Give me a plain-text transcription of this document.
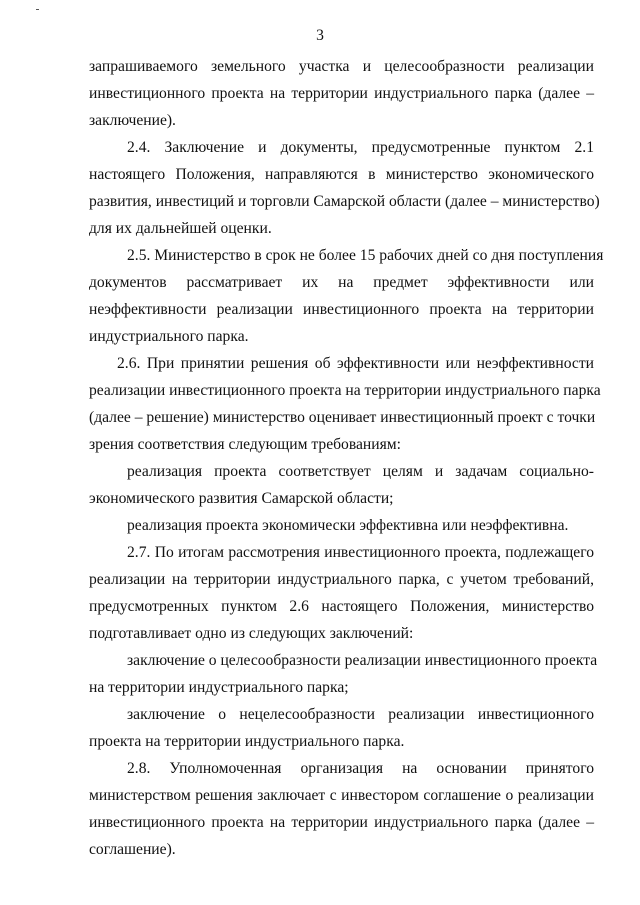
3
запрашиваемого земельного участка и целесообразности реализации
инвестиционного проекта на территории индустриального парка (далее –
заключение).
2.4. Заключение и документы, предусмотренные пунктом 2.1
настоящего Положения, направляются в министерство экономического
развития, инвестиций и торговли Самарской области (далее – министерство)
для их дальнейшей оценки.
2.5. Министерство в срок не более 15 рабочих дней со дня поступления
документов рассматривает их на предмет эффективности или
неэффективности реализации инвестиционного проекта на территории
индустриального парка.
2.6. При принятии решения об эффективности или неэффективности
реализации инвестиционного проекта на территории индустриального парка
(далее – решение) министерство оценивает инвестиционный проект с точки
зрения соответствия следующим требованиям:
реализация проекта соответствует целям и задачам социально-
экономического развития Самарской области;
реализация проекта экономически эффективна или неэффективна.
2.7. По итогам рассмотрения инвестиционного проекта, подлежащего
реализации на территории индустриального парка, с учетом требований,
предусмотренных пунктом 2.6 настоящего Положения, министерство
подготавливает одно из следующих заключений:
заключение о целесообразности реализации инвестиционного проекта
на территории индустриального парка;
заключение о нецелесообразности реализации инвестиционного
проекта на территории индустриального парка.
2.8. Уполномоченная организация на основании принятого
министерством решения заключает с инвестором соглашение о реализации
инвестиционного проекта на территории индустриального парка (далее –
соглашение).
